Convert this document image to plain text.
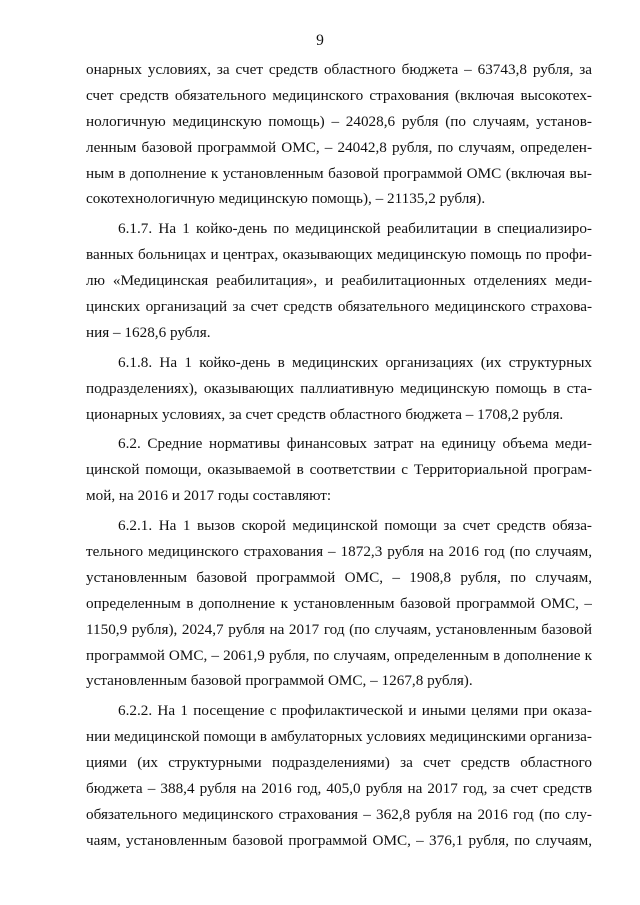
9
онарных условиях, за счет средств областного бюджета – 63743,8 рубля, за
счет средств обязательного медицинского страхования (включая высокотех-
нологичную медицинскую помощь) – 24028,6 рубля (по случаям, установ-
ленным базовой программой ОМС, – 24042,8 рубля, по случаям, определен-
ным в дополнение к установленным базовой программой ОМС (включая вы-
сокотехнологичную медицинскую помощь), – 21135,2 рубля).
6.1.7. На 1 койко-день по медицинской реабилитации в специализиро-
ванных больницах и центрах, оказывающих медицинскую помощь по профи-
лю «Медицинская реабилитация», и реабилитационных отделениях меди-
цинских организаций за счет средств обязательного медицинского страхова-
ния – 1628,6 рубля.
6.1.8. На 1 койко-день в медицинских организациях (их структурных
подразделениях), оказывающих паллиативную медицинскую помощь в ста-
ционарных условиях, за счет средств областного бюджета – 1708,2 рубля.
6.2. Средние нормативы финансовых затрат на единицу объема меди-
цинской помощи, оказываемой в соответствии с Территориальной програм-
мой, на 2016 и 2017 годы составляют:
6.2.1. На 1 вызов скорой медицинской помощи за счет средств обяза-
тельного медицинского страхования – 1872,3 рубля на 2016 год (по случаям,
установленным базовой программой ОМС, – 1908,8 рубля, по случаям,
определенным в дополнение к установленным базовой программой ОМС, –
1150,9 рубля), 2024,7 рубля на 2017 год (по случаям, установленным базовой
программой ОМС, – 2061,9 рубля, по случаям, определенным в дополнение к
установленным базовой программой ОМС, – 1267,8 рубля).
6.2.2. На 1 посещение с профилактической и иными целями при оказа-
нии медицинской помощи в амбулаторных условиях медицинскими организа-
циями (их структурными подразделениями) за счет средств областного
бюджета – 388,4 рубля на 2016 год, 405,0 рубля на 2017 год, за счет средств
обязательного медицинского страхования – 362,8 рубля на 2016 год (по слу-
чаям, установленным базовой программой ОМС, – 376,1 рубля, по случаям,
